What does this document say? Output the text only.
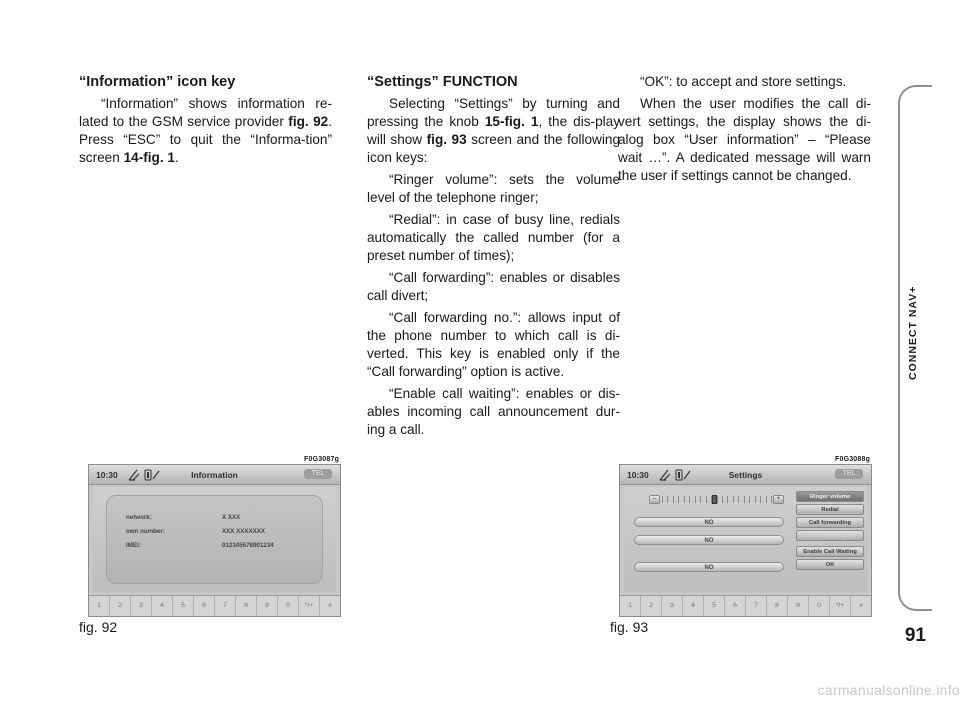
“Information” icon key

“Information” shows information re-lated to the GSM service provider fig. 92. Press “ESC” to quit the “Informa-tion” screen 14-fig. 1.

“Settings” FUNCTION

Selecting “Settings” by turning and pressing the knob 15-fig. 1, the dis-play will show fig. 93 screen and the following icon keys:

“Ringer volume”: sets the volume level of the telephone ringer;

“Redial”: in case of busy line, redials automatically the called number (for a preset number of times);

“Call forwarding”: enables or disables call divert;

“Call forwarding no.”: allows input of the phone number to which call is di-verted. This key is enabled only if the “Call forwarding” option is active.

“Enable call waiting”: enables or dis-ables incoming call announcement dur-ing a call.

“OK”: to accept and store settings.

When the user modifies the call di-vert settings, the display shows the di-alog box “User information” – “Please wait …”. A dedicated message will warn the user if settings cannot be changed.

F0G3087g
10:30	Information	TEL
network:	X XXX
own number:	XXX XXXXXXX
IMEI:	012345678901234
1	2	3	4	5	6	7	8	9	0	*/+	#
fig. 92
F0G3088g
10:30	Settings	TEL
–	+
NO
NO
NO
Ringer volume
Redial
Call forwarding
Call forwarding no.
Enable Call Waiting
OK
1	2	3	4	5	6	7	8	9	0	*/+	#
fig. 93
CONNECT NAV+
91
carmanualsonline.info
